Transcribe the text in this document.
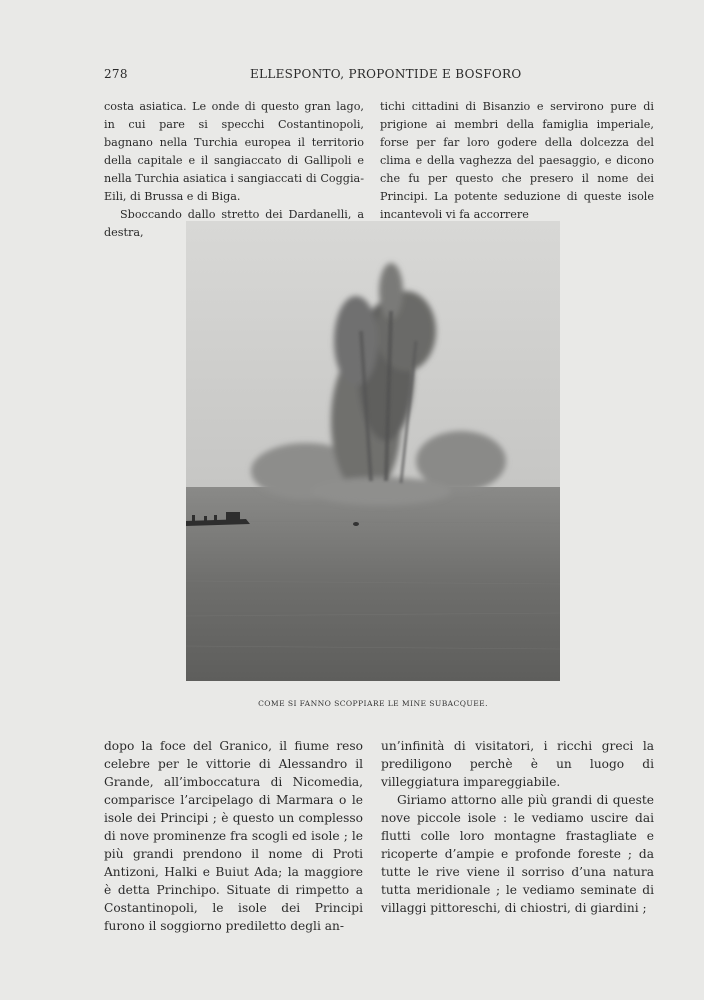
278	ELLESPONTO, PROPONTIDE E BOSFORO

costa asiatica. Le onde di questo gran lago, in cui pare si specchi Costantinopoli, bagnano nella Turchia europea il territorio della capitale e il sangiaccato di Gallipoli e nella Turchia asiatica i sangiaccati di Coggia-Eili, di Brussa e di Biga.

Sboccando dallo stretto dei Dardanelli, a destra,

tichi cittadini di Bisanzio e servirono pure di prigione ai membri della famiglia imperiale, forse per far loro godere della dolcezza del clima e della vaghezza del paesaggio, e dicono che fu per questo che presero il nome dei Principi. La potente seduzione di queste isole incantevoli vi fa accorrere

COME SI FANNO SCOPPIARE LE MINE SUBACQUEE.

dopo la foce del Granico, il fiume reso celebre per le vittorie di Alessandro il Grande, all’imboccatura di Nicomedia, comparisce l’arcipelago di Marmara o le isole dei Principi ; è questo un complesso di nove prominenze fra scogli ed isole ; le più grandi prendono il nome di Proti Antizoni, Halki e Buiut Ada; la maggiore è detta Princhipo. Situate di rimpetto a Costantinopoli, le isole dei Principi furono il soggiorno prediletto degli an-

un’infinità di visitatori, i ricchi greci la prediligono perchè è un luogo di villeggiatura impareggiabile.

Giriamo attorno alle più grandi di queste nove piccole isole : le vediamo uscire dai flutti colle loro montagne frastagliate e ricoperte d’ampie e profonde foreste ; da tutte le rive viene il sorriso d’una natura tutta meridionale ; le vediamo seminate di villaggi pittoreschi, di chiostri, di giardini ;
